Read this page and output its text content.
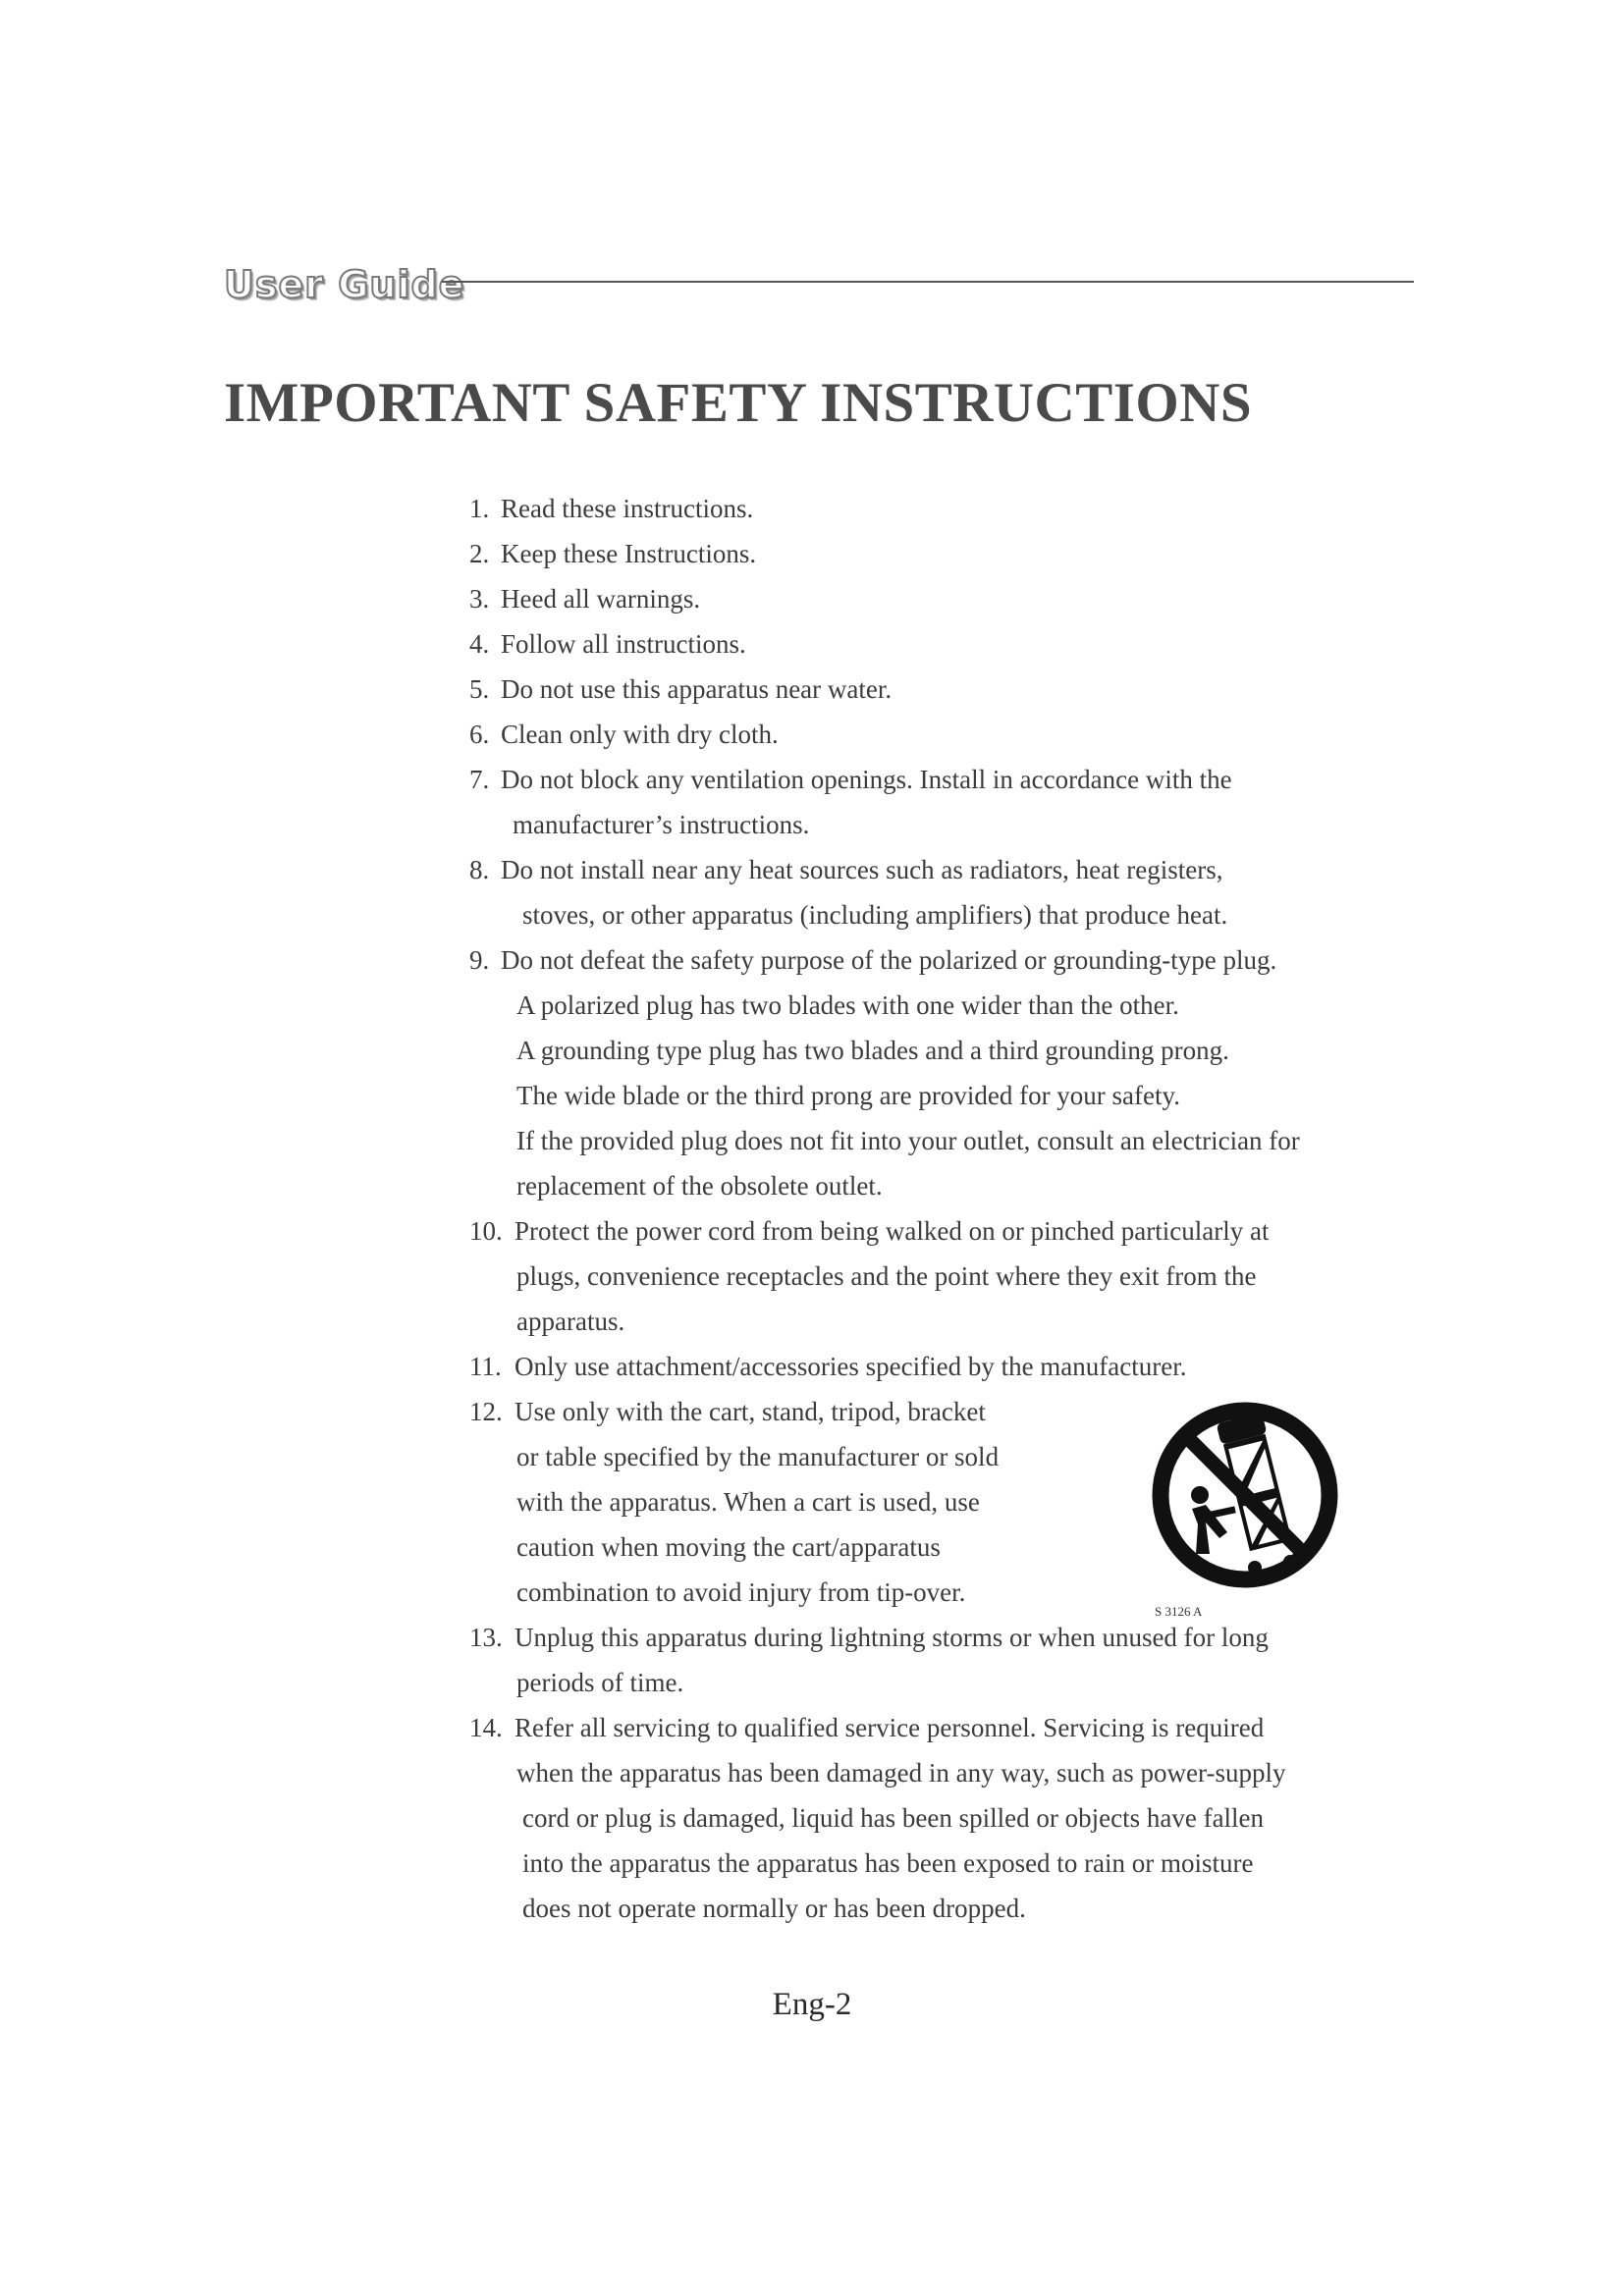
User Guide
IMPORTANT SAFETY INSTRUCTIONS
1. Read these instructions.
2. Keep these Instructions.
3. Heed all warnings.
4. Follow all instructions.
5. Do not use this apparatus near water.
6. Clean only with dry cloth.
7. Do not block any ventilation openings. Install in accordance with the
manufacturer’s instructions.
8. Do not install near any heat sources such as radiators, heat registers,
stoves, or other apparatus (including amplifiers) that produce heat.
9. Do not defeat the safety purpose of the polarized or grounding-type plug.
A polarized plug has two blades with one wider than the other.
A grounding type plug has two blades and a third grounding prong.
The wide blade or the third prong are provided for your safety.
If the provided plug does not fit into your outlet, consult an electrician for
replacement of the obsolete outlet.
10. Protect the power cord from being walked on or pinched particularly at
plugs, convenience receptacles and the point where they exit from the
apparatus.
11. Only use attachment/accessories specified by the manufacturer.
12. Use only with the cart, stand, tripod, bracket
or table specified by the manufacturer or sold
with the apparatus. When a cart is used, use
caution when moving the cart/apparatus
combination to avoid injury from tip-over.
13. Unplug this apparatus during lightning storms or when unused for long
periods of time.
14. Refer all servicing to qualified service personnel. Servicing is required
when the apparatus has been damaged in any way, such as power-supply
cord or plug is damaged, liquid has been spilled or objects have fallen
into the apparatus the apparatus has been exposed to rain or moisture
does not operate normally or has been dropped.
S 3126 A
Eng-2
